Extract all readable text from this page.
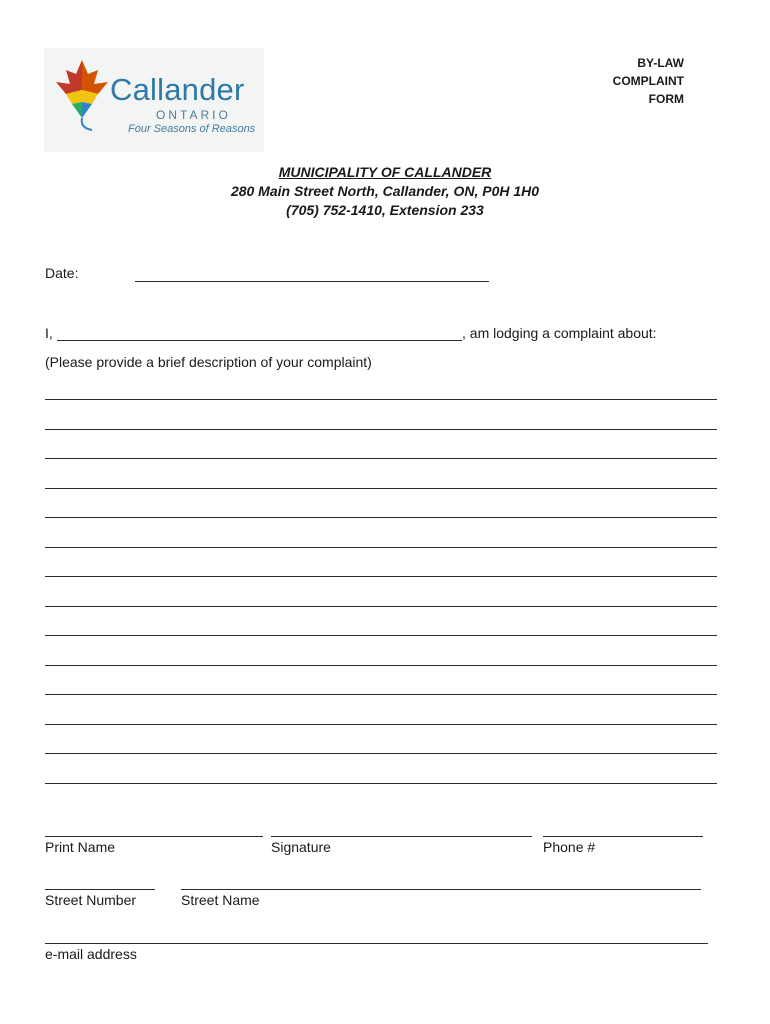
Callander
ONTARIO
Four Seasons of Reasons
BY-LAW
COMPLAINT
FORM
MUNICIPALITY OF CALLANDER
280 Main Street North, Callander, ON, P0H 1H0
(705) 752-1410, Extension 233
Date:
I,	, am lodging a complaint about:
(Please provide a brief description of your complaint)
Print Name	Signature	Phone #
Street Number	Street Name
e-mail address
